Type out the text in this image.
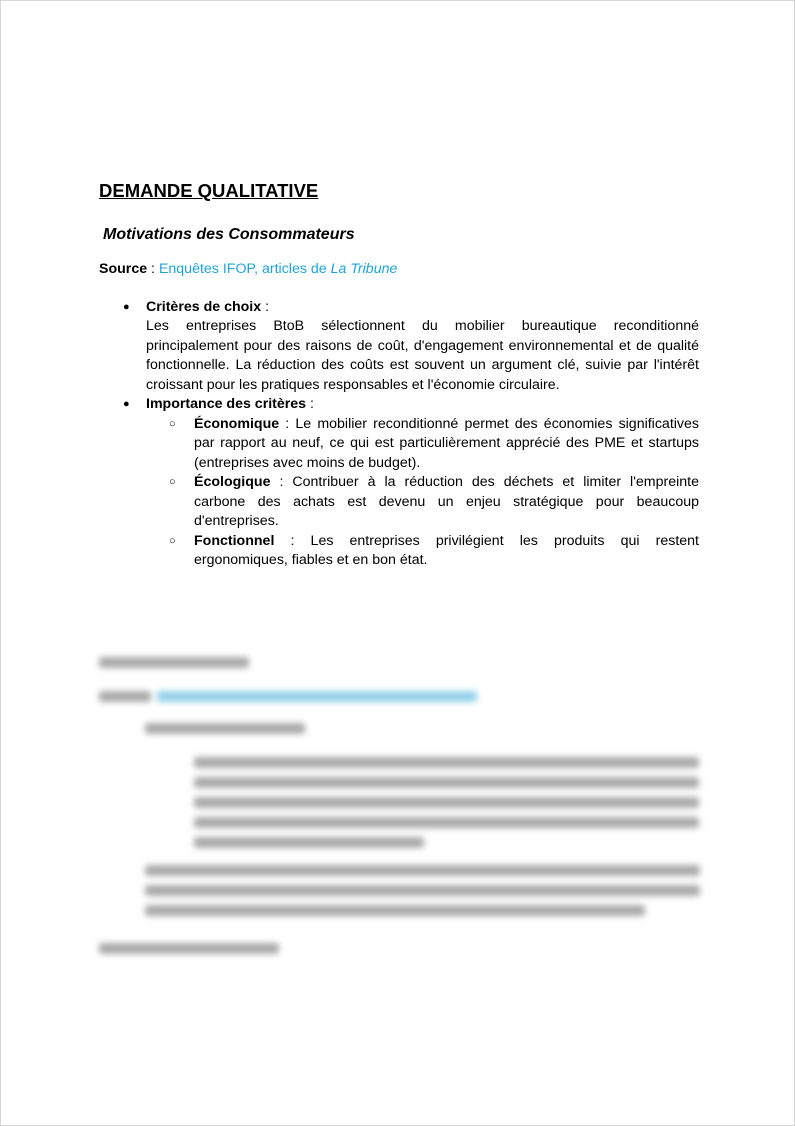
DEMANDE QUALITATIVE
Motivations des Consommateurs
Source : Enquêtes IFOP, articles de La Tribune
● Critères de choix :
Les entreprises BtoB sélectionnent du mobilier bureautique reconditionné principalement pour des raisons de coût, d'engagement environnemental et de qualité fonctionnelle. La réduction des coûts est souvent un argument clé, suivie par l'intérêt croissant pour les pratiques responsables et l'économie circulaire.
● Importance des critères :
○ Économique : Le mobilier reconditionné permet des économies significatives par rapport au neuf, ce qui est particulièrement apprécié des PME et startups (entreprises avec moins de budget).
○ Écologique : Contribuer à la réduction des déchets et limiter l'empreinte carbone des achats est devenu un enjeu stratégique pour beaucoup d'entreprises.
○ Fonctionnel : Les entreprises privilégient les produits qui restent ergonomiques, fiables et en bon état.
